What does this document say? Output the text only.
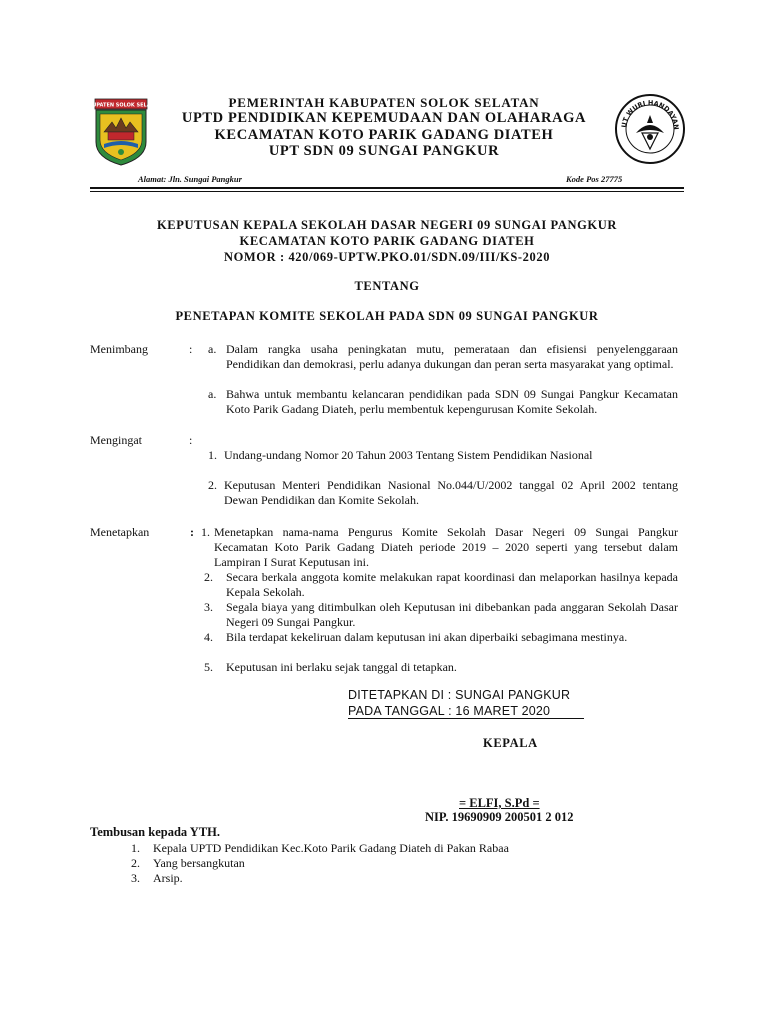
KABUPATEN SOLOK SELATAN	PEMERINTAH KABUPATEN SOLOK SELATAN
UPTD PENDIDIKAN KEPEMUDAAN DAN OLAHARAGA
KECAMATAN KOTO PARIK GADANG DIATEH
UPT SDN 09 SUNGAI PANGKUR
UT WURI HANDAYAN
Alamat: Jln. Sungai Pangkur	Kode Pos 27775
KEPUTUSAN KEPALA SEKOLAH DASAR NEGERI 09 SUNGAI PANGKUR
KECAMATAN KOTO PARIK GADANG DIATEH
NOMOR : 420/069-UPTW.PKO.01/SDN.09/III/KS-2020
TENTANG
PENETAPAN KOMITE SEKOLAH PADA SDN 09 SUNGAI PANGKUR
Menimbang	: a. Dalam rangka usaha peningkatan mutu, pemerataan dan efisiensi penyelenggaraan Pendidikan dan demokrasi, perlu adanya dukungan dan peran serta masyarakat yang optimal.
a. Bahwa untuk membantu kelancaran pendidikan pada SDN 09 Sungai Pangkur Kecamatan Koto Parik Gadang Diateh, perlu membentuk kepengurusan Komite Sekolah.
Mengingat	:
1. Undang-undang Nomor 20 Tahun 2003 Tentang Sistem Pendidikan Nasional
2. Keputusan Menteri Pendidikan Nasional No.044/U/2002 tanggal 02 April 2002 tentang Dewan Pendidikan dan Komite Sekolah.
Menetapkan	: 1. Menetapkan nama-nama Pengurus Komite Sekolah Dasar Negeri 09 Sungai Pangkur Kecamatan Koto Parik Gadang Diateh periode 2019 – 2020 seperti yang tersebut dalam Lampiran I Surat Keputusan ini.
2. Secara berkala anggota komite melakukan rapat koordinasi dan melaporkan hasilnya kepada Kepala Sekolah.
3. Segala biaya yang ditimbulkan oleh Keputusan ini dibebankan pada anggaran Sekolah Dasar Negeri 09 Sungai Pangkur.
4. Bila terdapat kekeliruan dalam keputusan ini akan diperbaiki sebagimana mestinya.
5. Keputusan ini berlaku sejak tanggal di tetapkan.
DITETAPKAN DI : SUNGAI PANGKUR
PADA TANGGAL : 16 MARET 2020
KEPALA
= ELFI, S.Pd =
NIP. 19690909 200501 2 012
Tembusan kepada YTH.
1. Kepala UPTD Pendidikan Kec.Koto Parik Gadang Diateh di Pakan Rabaa
2. Yang bersangkutan
3. Arsip.
